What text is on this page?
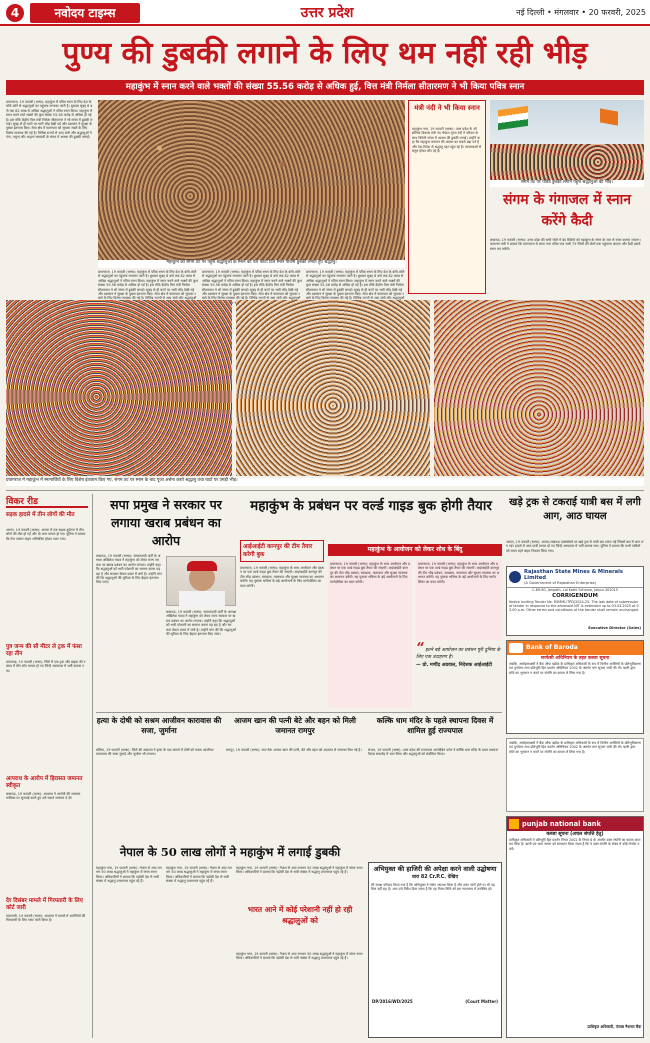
4	नवोदय टाइम्स	उत्तर प्रदेश	नई दिल्ली • मंगलवार • 20 फरवरी, 2025
पुण्य की डुबकी लगाने के लिए थम नहीं रही भीड़
महाकुंभ में स्नान करने वाले भक्तों की संख्या 55.56 करोड़ से अधिक हुई, वित्त मंत्री निर्मला सीतारमण ने भी किया पवित्र स्नान
प्रयागराज, 19 फरवरी (भाषा): महाकुंभ में पवित्र स्नान के लिए देश के कोने-कोने से श्रद्धालुओं का पहुंचना लगातार जारी है। बुधवार सुबह 8 बजे तक 82 लाख से अधिक श्रद्धालुओं ने पवित्र स्नान किया। महाकुंभ में स्नान करने वाले भक्तों की कुल संख्या 55.56 करोड़ से अधिक हो गई है। इस मौके केंद्रीय वित्त मंत्री निर्मला सीतारमण ने भी संगम में डुबकी लगाई। सुबह से ही घाटों पर भारी भीड़ देखी गई और प्रशासन ने सुरक्षा के पुख्ता इंतजाम किए। मेला क्षेत्र में यातायात को सुचारू रखने के लिए विशेष व्यवस्था की गई है। विभिन्न राज्यों से आए संतों और श्रद्धालुओं ने गंगा, यमुना और अदृश्य सरस्वती के संगम में आस्था की डुबकी लगाई।
महाकुंभ को संगम तट पर पहुंचे श्रद्धालुओं के स्नान को पल फोटो टिल स्नान पावनी डुबकी लगाते हुए श्रद्धालु।
मंत्री नंदी ने भी किया स्नान
महाकुंभ नगर, 19 फरवरी (भाषा): उत्तर प्रदेश के औद्योगिक विकास मंत्री नंद गोपाल गुप्ता नंदी ने परिवार के साथ त्रिवेणी संगम में आस्था की डुबकी लगाई। उन्होंने कहा कि महाकुंभ सनातन की आस्था का सबसे बड़ा पर्व है और देश-विदेश से श्रद्धालु यहां पहुंच रहे हैं। व्यवस्थाओं से संतुष्ट होकर लौट रहे हैं।
संगम तट पर पवित्र डुबकी लगाने पहुंचे श्रद्धालुओं की भीड़।
संगम के गंगाजल में स्नान करेंगे कैदी
लखनऊ, 19 फरवरी (भाषा): उत्तर प्रदेश की सभी जेलों में बंद कैदियों को महाकुंभ के संगम के जल से स्नान कराया जाएगा। कारागार मंत्री ने बताया कि प्रयागराज से लाया गया पवित्र जल सभी 75 जिलों की जेलों तक पहुंचाया जाएगा और कैदी इससे स्नान कर सकेंगे।
प्रयागराज, 19 फरवरी (भाषा): महाकुंभ में पवित्र स्नान के लिए देश के कोने-कोने से श्रद्धालुओं का पहुंचना लगातार जारी है। बुधवार सुबह 8 बजे तक 82 लाख से अधिक श्रद्धालुओं ने पवित्र स्नान किया। महाकुंभ में स्नान करने वाले भक्तों की कुल संख्या 55.56 करोड़ से अधिक हो गई है। इस मौके केंद्रीय वित्त मंत्री निर्मला सीतारमण ने भी संगम में डुबकी लगाई। सुबह से ही घाटों पर भारी भीड़ देखी गई और प्रशासन ने सुरक्षा के पुख्ता इंतजाम किए। मेला क्षेत्र में यातायात को सुचारू रखने के लिए विशेष व्यवस्था की गई है। विभिन्न राज्यों से आए संतों और श्रद्धालुओं
प्रयागराज, 19 फरवरी (भाषा): महाकुंभ में पवित्र स्नान के लिए देश के कोने-कोने से श्रद्धालुओं का पहुंचना लगातार जारी है। बुधवार सुबह 8 बजे तक 82 लाख से अधिक श्रद्धालुओं ने पवित्र स्नान किया। महाकुंभ में स्नान करने वाले भक्तों की कुल संख्या 55.56 करोड़ से अधिक हो गई है। इस मौके केंद्रीय वित्त मंत्री निर्मला सीतारमण ने भी संगम में डुबकी लगाई। सुबह से ही घाटों पर भारी भीड़ देखी गई और प्रशासन ने सुरक्षा के पुख्ता इंतजाम किए। मेला क्षेत्र में यातायात को सुचारू रखने के लिए विशेष व्यवस्था की गई है। विभिन्न राज्यों से आए संतों और श्रद्धालुओं
प्रयागराज, 19 फरवरी (भाषा): महाकुंभ में पवित्र स्नान के लिए देश के कोने-कोने से श्रद्धालुओं का पहुंचना लगातार जारी है। बुधवार सुबह 8 बजे तक 82 लाख से अधिक श्रद्धालुओं ने पवित्र स्नान किया। महाकुंभ में स्नान करने वाले भक्तों की कुल संख्या 55.56 करोड़ से अधिक हो गई है। इस मौके केंद्रीय वित्त मंत्री निर्मला सीतारमण ने भी संगम में डुबकी लगाई। सुबह से ही घाटों पर भारी भीड़ देखी गई और प्रशासन ने सुरक्षा के पुख्ता इंतजाम किए। मेला क्षेत्र में यातायात को सुचारू रखने के लिए विशेष व्यवस्था की गई है। विभिन्न राज्यों से आए संतों और श्रद्धालुओं
प्रयागराज में महाकुंभ में स्नानार्थियों के लिए विशेष इंतजाम किए गए, संगम तट पर स्नान के बाद पूजा अर्चना करते श्रद्धालु तथा घाटों पर उमड़ी भीड़।
विकर रीड
सड़क हादसे में तीन लोगों की मौत
आगरा, 19 फरवरी (भाषा): आगरा में एक सड़क दुर्घटना में तीन लोगों की मौत हो गई और दो अन्य घायल हो गए। पुलिस ने बताया कि तेज रफ्तार वाहन अनियंत्रित होकर पलट गया।
पुत्र जन्म की सौ मीटर ले ट्रक में फंसा रहा तीन
प्रतापगढ़, 19 फरवरी (भाषा): जिले में एक ट्रक और बाइक की टक्कर में तीन लोग घायल हो गए जिन्हें अस्पताल में भर्ती कराया गया।
आपराध के आरोप में हिरासत जमानत स्वीकृत
लखनऊ, 19 फरवरी (भाषा): अदालत ने आरोपी की जमानत याचिका पर सुनवाई करते हुए उसे सशर्त जमानत दे दी।
देर दिसंबर मामले में गिरफ्तारी के लिए कोर्ट जारी
वाराणसी, 19 फरवरी (भाषा): अदालत ने मामले में आरोपियों की गिरफ्तारी के लिए वारंट जारी किया है।
सपा प्रमुख ने सरकार पर लगाया खराब प्रबंधन का आरोप
लखनऊ, 19 फरवरी (भाषा): समाजवादी पार्टी के अध्यक्ष अखिलेश यादव ने महाकुंभ को लेकर राज्य सरकार पर खराब प्रबंधन का आरोप लगाया। उन्होंने कहा कि श्रद्धालुओं को भारी परेशानी का सामना करना पड़ रहा है और सरकार केवल प्रचार में लगी है। उन्होंने मांग की कि श्रद्धालुओं की सुविधा के लिए बेहतर इंतजाम किए जाएं।
लखनऊ, 19 फरवरी (भाषा): समाजवादी पार्टी के अध्यक्ष अखिलेश यादव ने महाकुंभ को लेकर राज्य सरकार पर खराब प्रबंधन का आरोप लगाया। उन्होंने कहा कि श्रद्धालुओं को भारी परेशानी का सामना करना पड़ रहा है और सरकार केवल प्रचार में लगी है। उन्होंने मांग की कि श्रद्धालुओं की सुविधा के लिए बेहतर इंतजाम किए जाएं।
महाकुंभ के प्रबंधन पर वर्ल्ड गाइड बुक होगी तैयार
आईआईटी कानपुर की टीम तैयार करेगी बुक
प्रयागराज, 19 फरवरी (भाषा): महाकुंभ के भव्य आयोजन और प्रबंधन पर एक वर्ल्ड गाइड बुक तैयार की जाएगी। आईआईटी कानपुर की टीम भीड़ प्रबंधन, स्वच्छता, यातायात और सुरक्षा व्यवस्था का अध्ययन करेगी। यह पुस्तक भविष्य के बड़े आयोजनों के लिए मार्गदर्शिका का काम करेगी।
महाकुंभ के आयोजन को लेकर शोध के बिंदु
प्रयागराज, 19 फरवरी (भाषा): महाकुंभ के भव्य आयोजन और प्रबंधन पर एक वर्ल्ड गाइड बुक तैयार की जाएगी। आईआईटी कानपुर की टीम भीड़ प्रबंधन, स्वच्छता, यातायात और सुरक्षा व्यवस्था का अध्ययन करेगी। यह पुस्तक भविष्य के बड़े आयोजनों के लिए मार्गदर्शिका का काम करेगी।
प्रयागराज, 19 फरवरी (भाषा): महाकुंभ के भव्य आयोजन और प्रबंधन पर एक वर्ल्ड गाइड बुक तैयार की जाएगी। आईआईटी कानपुर की टीम भीड़ प्रबंधन, स्वच्छता, यातायात और सुरक्षा व्यवस्था का अध्ययन करेगी। यह पुस्तक भविष्य के बड़े आयोजनों के लिए मार्गदर्शिका का काम करेगी।
“ इतने बड़े आयोजन का प्रबंधन पूरी दुनिया के लिए एक उदाहरण है।
— प्रो. मणींद्र अग्रवाल, निदेशक आईआईटी
खड़े ट्रक से टकराई यात्री बस में लगी आग, आठ घायल
आगरा, 19 फरवरी (भाषा): आगरा-लखनऊ एक्सप्रेसवे पर खड़े ट्रक से यात्री बस टकरा गई जिससे बस में आग लग गई। हादसे में आठ यात्री घायल हो गए जिन्हें अस्पताल में भर्ती कराया गया। पुलिस ने बताया कि सभी यात्रियों को समय रहते बाहर निकाल लिया गया।
Rajasthan State Mines & Minerals Limited
(A Government of Rajasthan Enterprise)
C-89-90, Janpath, Lal Kothi Scheme, Jaipur-302015
CORRIGENDUM
Notice Inviting Tender No. RSMML/TPD/2024-25. The last date of submission of tender in response to the aforesaid NIT is extended up to 03.03.2025 at 03.00 p.m. Other terms and conditions of the tender shall remain unchanged.
Executive Director (Sales)
Bank of Baroda
सरफेसी अधिनियम के तहत कब्जा सूचना
जबकि, अधोहस्ताक्षरी ने बैंक ऑफ बड़ौदा के प्राधिकृत अधिकारी के रूप में वित्तीय आस्तियों के प्रतिभूतिकरण एवं पुनर्गठन तथा प्रतिभूति हित प्रवर्तन अधिनियम 2002 के अंतर्गत मांग सूचना जारी की थी। ऋणी द्वारा राशि का भुगतान न करने पर संपत्ति का कब्जा ले लिया गया है।
punjab national bank
कब्जा सूचना (अचल संपत्ति हेतु)
प्राधिकृत अधिकारी ने प्रतिभूति हित प्रवर्तन नियम 2002 के नियम 8 के अंतर्गत उक्त संपत्ति का कब्जा प्राप्त कर लिया है। ऋणी एवं आम जनता को सावधान किया जाता है कि वे उक्त संपत्ति के संबंध में कोई लेनदेन न करें।
प्राधिकृत अधिकारी, पंजाब नैशनल बैंक
जबकि, अधोहस्ताक्षरी ने बैंक ऑफ बड़ौदा के प्राधिकृत अधिकारी के रूप में वित्तीय आस्तियों के प्रतिभूतिकरण एवं पुनर्गठन तथा प्रतिभूति हित प्रवर्तन अधिनियम 2002 के अंतर्गत मांग सूचना जारी की थी। ऋणी द्वारा राशि का भुगतान न करने पर संपत्ति का कब्जा ले लिया गया है।
हत्या के दोषी को सश्रम आजीवन कारावास की सजा, जुर्माना
बलिया, 19 फरवरी (भाषा): जिले की अदालत ने हत्या के एक मामले में दोषी को सश्रम आजीवन कारावास की सजा सुनाई और जुर्माना भी लगाया।
आजम खान की पत्नी बेटे और बहन को मिली जमानत रामपुर
रामपुर, 19 फरवरी (भाषा): सपा नेता आजम खान की पत्नी, बेटे और बहन को अदालत से जमानत मिल गई है।
कल्कि धाम मंदिर के पहले स्थापना दिवस में शामिल हुई राज्यपाल
संभल, 19 फरवरी (भाषा): उत्तर प्रदेश की राज्यपाल आनंदीबेन पटेल ने कल्कि धाम मंदिर के प्रथम स्थापना दिवस समारोह में भाग लिया और श्रद्धालुओं को संबोधित किया।
नेपाल के 50 लाख लोगों ने महाकुंभ में लगाई डुबकी
महाकुंभ नगर, 19 फरवरी (भाषा): नेपाल से आए लगभग 50 लाख श्रद्धालुओं ने महाकुंभ में संगम स्नान किया। अधिकारियों ने बताया कि पड़ोसी देश से भारी संख्या में श्रद्धालु प्रयागराज पहुंच रहे हैं।
महाकुंभ नगर, 19 फरवरी (भाषा): नेपाल से आए लगभग 50 लाख श्रद्धालुओं ने महाकुंभ में संगम स्नान किया। अधिकारियों ने बताया कि पड़ोसी देश से भारी संख्या में श्रद्धालु प्रयागराज पहुंच रहे हैं।
भारत आने में कोई परेशानी नहीं हो रही श्रद्धालुओं को
महाकुंभ नगर, 19 फरवरी (भाषा): नेपाल से आए लगभग 50 लाख श्रद्धालुओं ने महाकुंभ में संगम स्नान किया। अधिकारियों ने बताया कि पड़ोसी देश से भारी संख्या में श्रद्धालु प्रयागराज पहुंच रहे हैं।
महाकुंभ नगर, 19 फरवरी (भाषा): नेपाल से आए लगभग 50 लाख श्रद्धालुओं ने महाकुंभ में संगम स्नान किया। अधिकारियों ने बताया कि पड़ोसी देश से भारी संख्या में श्रद्धालु प्रयागराज पहुंच रहे हैं।
अभियुक्त की हाजिरी की अपेक्षा करने वाली उद्घोषणा
धारा 82 Cr.P.C. देखिए
मेरे समक्ष परिवाद किया गया है कि अभियुक्त ने संज्ञेय अपराध किया है और वारंट जारी होने पर भी वह मिल नहीं रहा है। अतः उसे निर्देश दिया जाता है कि वह नियत तिथि को इस न्यायालय में उपस्थित हो।
DP/2016/WD/2025	(Court Matter)
